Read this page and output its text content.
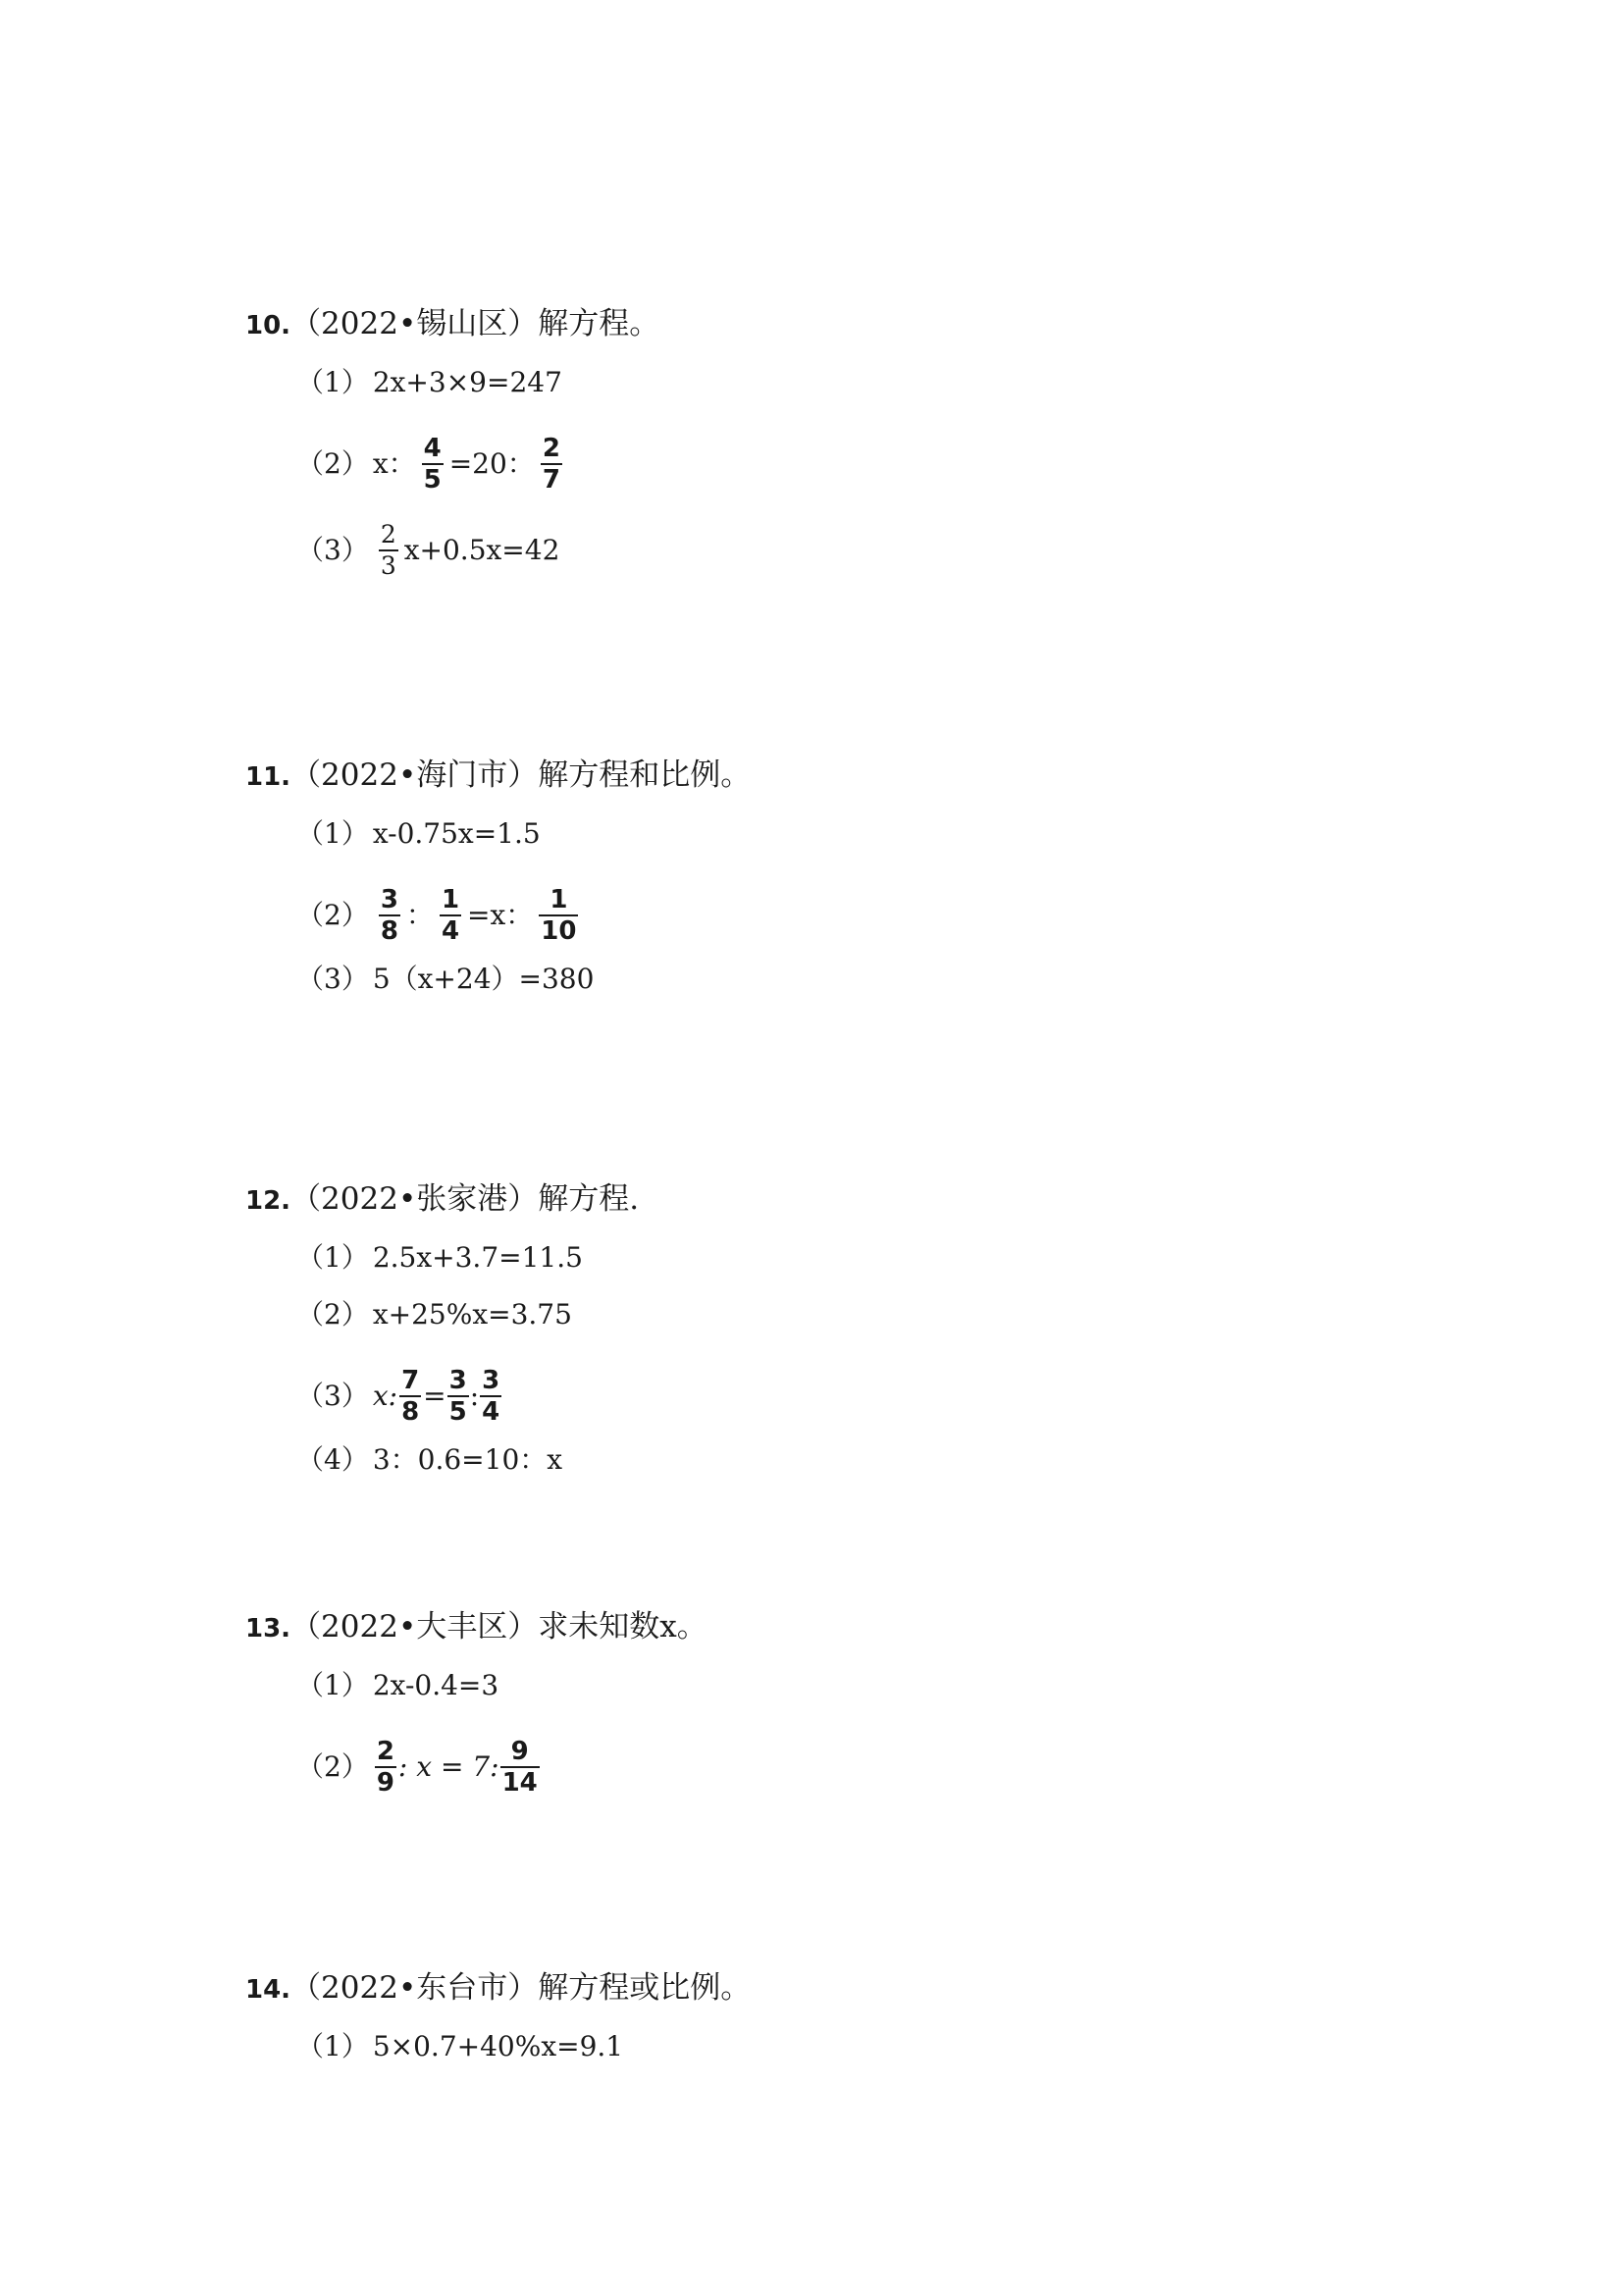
10.（2022•锡山区）解方程。
（1） 2x+3×9=247
（2） x： $\frac{4}{5} =20$： $\frac{2}{7}$
$(3) \frac{2}{3} x+0.5x=42$
11.（2022•海门市）解方程和比例。
（1） x-0.75x=1.5
$(2) \frac{3}{8}$ ： $\frac{1}{4} =x$： $\frac{1}{10}$
（3） 5（x+24）=380
12.（2022•张家港）解方程.
（1） 2.5x+3.7=11.5
（2） x+25%x=3.75
（3） x: $\frac{7}{8} = \frac{3}{5}$ : $\frac{3}{4}$
（4） 3：0.6=10：x
13.（2022•大丰区）求未知数x。
（1） 2x-0.4=3
$(2) \frac{2}{9}$ : x = 7: $\frac{9}{14}$
14.（2022•东台市）解方程或比例。
（1） 5×0.7+40%x=9.1
